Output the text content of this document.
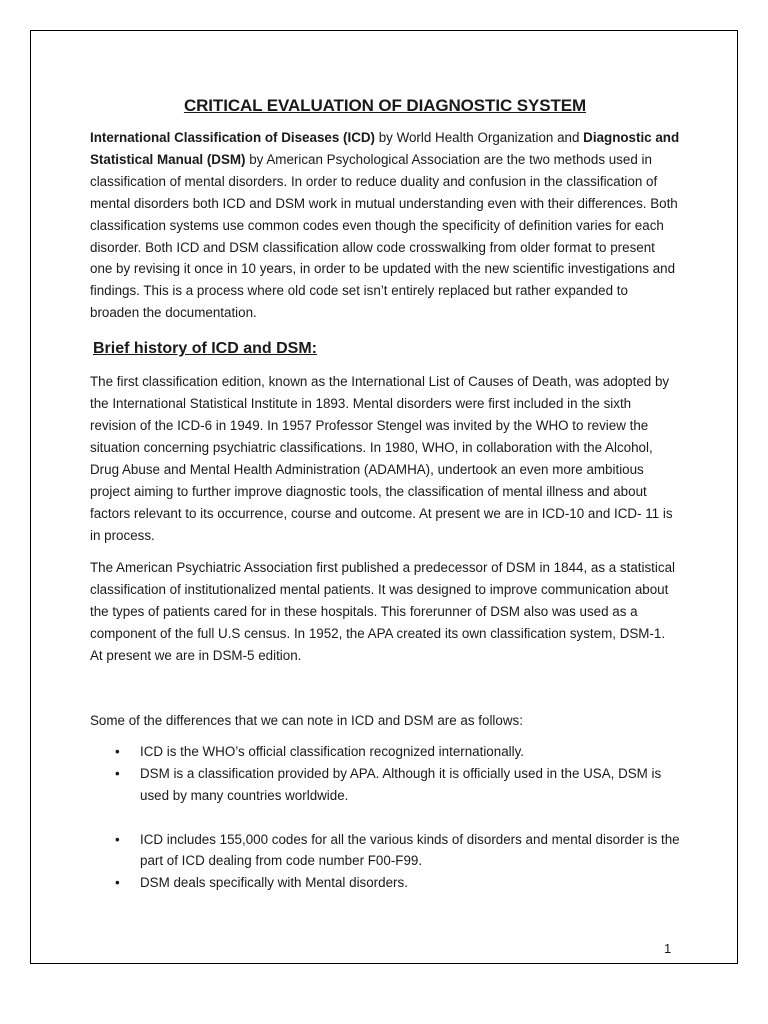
CRITICAL EVALUATION OF DIAGNOSTIC SYSTEM

International Classification of Diseases (ICD) by World Health Organization and Diagnostic and Statistical Manual (DSM) by American Psychological Association are the two methods used in classification of mental disorders. In order to reduce duality and confusion in the classification of mental disorders both ICD and DSM work in mutual understanding even with their differences. Both classification systems use common codes even though the specificity of definition varies for each disorder. Both ICD and DSM classification allow code crosswalking from older format to present one by revising it once in 10 years, in order to be updated with the new scientific investigations and findings. This is a process where old code set isn’t entirely replaced but rather expanded to broaden the documentation.

Brief history of ICD and DSM:

The first classification edition, known as the International List of Causes of Death, was adopted by the International Statistical Institute in 1893. Mental disorders were first included in the sixth revision of the ICD-6 in 1949. In 1957 Professor Stengel was invited by the WHO to review the situation concerning psychiatric classifications. In 1980, WHO, in collaboration with the Alcohol, Drug Abuse and Mental Health Administration (ADAMHA), undertook an even more ambitious project aiming to further improve diagnostic tools, the classification of mental illness and about factors relevant to its occurrence, course and outcome. At present we are in ICD-10 and ICD- 11 is in process.

The American Psychiatric Association first published a predecessor of DSM in 1844, as a statistical classification of institutionalized mental patients. It was designed to improve communication about the types of patients cared for in these hospitals. This forerunner of DSM also was used as a component of the full U.S census. In 1952, the APA created its own classification system, DSM-1. At present we are in DSM-5 edition.

Some of the differences that we can note in ICD and DSM are as follows:

• ICD is the WHO’s official classification recognized internationally.
• DSM is a classification provided by APA. Although it is officially used in the USA, DSM is used by many countries worldwide.
• ICD includes 155,000 codes for all the various kinds of disorders and mental disorder is the part of ICD dealing from code number F00-F99.
• DSM deals specifically with Mental disorders.
1
